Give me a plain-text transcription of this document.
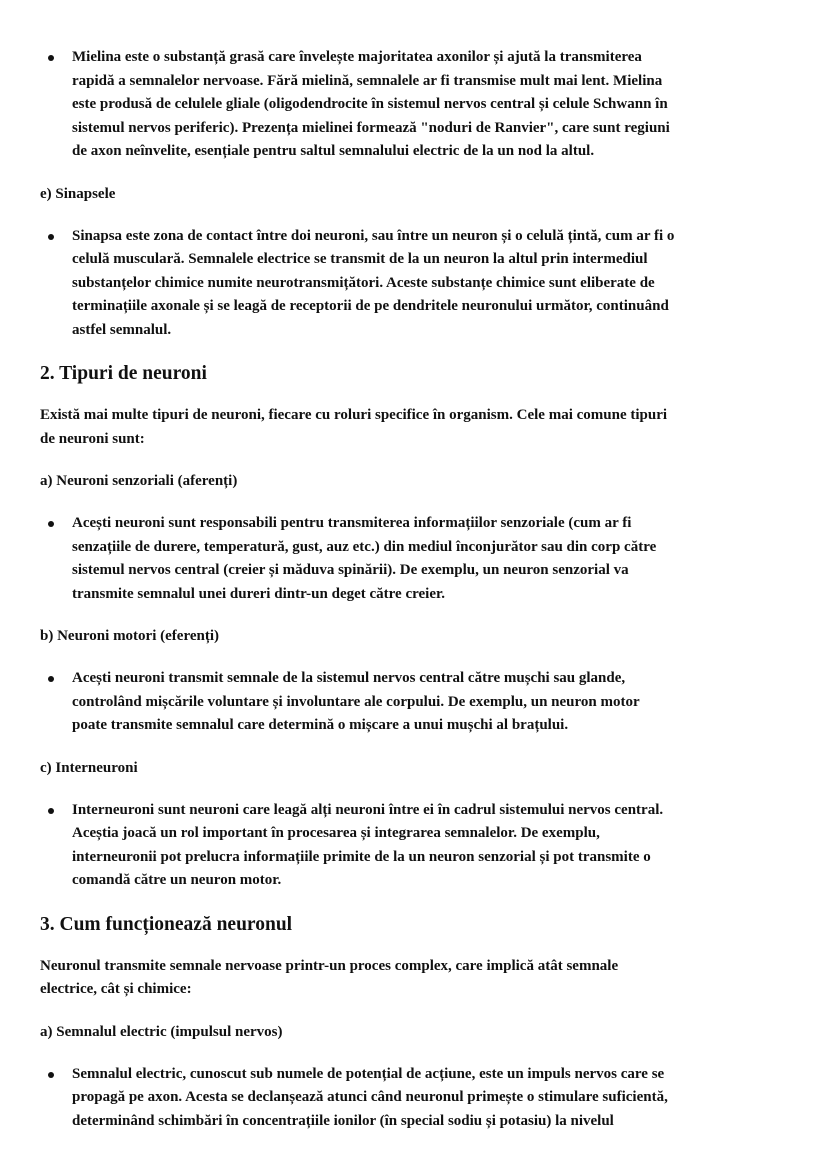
Mielina este o substanță grasă care învelește majoritatea axonilor și ajută la transmiterea
rapidă a semnalelor nervoase. Fără mielină, semnalele ar fi transmise mult mai lent. Mielina
este produsă de celulele gliale (oligodendrocite în sistemul nervos central și celule Schwann în
sistemul nervos periferic). Prezența mielinei formează "noduri de Ranvier", care sunt regiuni
de axon neînvelite, esențiale pentru saltul semnalului electric de la un nod la altul.
e) Sinapsele
Sinapsa este zona de contact între doi neuroni, sau între un neuron și o celulă țintă, cum ar fi o
celulă musculară. Semnalele electrice se transmit de la un neuron la altul prin intermediul
substanțelor chimice numite neurotransmițători. Aceste substanțe chimice sunt eliberate de
terminațiile axonale și se leagă de receptorii de pe dendritele neuronului următor, continuând
astfel semnalul.
2. Tipuri de neuroni
Există mai multe tipuri de neuroni, fiecare cu roluri specifice în organism. Cele mai comune tipuri
de neuroni sunt:
a) Neuroni senzoriali (aferenți)
Acești neuroni sunt responsabili pentru transmiterea informațiilor senzoriale (cum ar fi
senzațiile de durere, temperatură, gust, auz etc.) din mediul înconjurător sau din corp către
sistemul nervos central (creier și măduva spinării). De exemplu, un neuron senzorial va
transmite semnalul unei dureri dintr-un deget către creier.
b) Neuroni motori (eferenți)
Acești neuroni transmit semnale de la sistemul nervos central către mușchi sau glande,
controlând mișcările voluntare și involuntare ale corpului. De exemplu, un neuron motor
poate transmite semnalul care determină o mișcare a unui mușchi al brațului.
c) Interneuroni
Interneuroni sunt neuroni care leagă alți neuroni între ei în cadrul sistemului nervos central.
Aceștia joacă un rol important în procesarea și integrarea semnalelor. De exemplu,
interneuronii pot prelucra informațiile primite de la un neuron senzorial și pot transmite o
comandă către un neuron motor.
3. Cum funcționează neuronul
Neuronul transmite semnale nervoase printr-un proces complex, care implică atât semnale
electrice, cât și chimice:
a) Semnalul electric (impulsul nervos)
Semnalul electric, cunoscut sub numele de potențial de acțiune, este un impuls nervos care se
propagă pe axon. Acesta se declanșează atunci când neuronul primește o stimulare suficientă,
determinând schimbări în concentrațiile ionilor (în special sodiu și potasiu) la nivelul
